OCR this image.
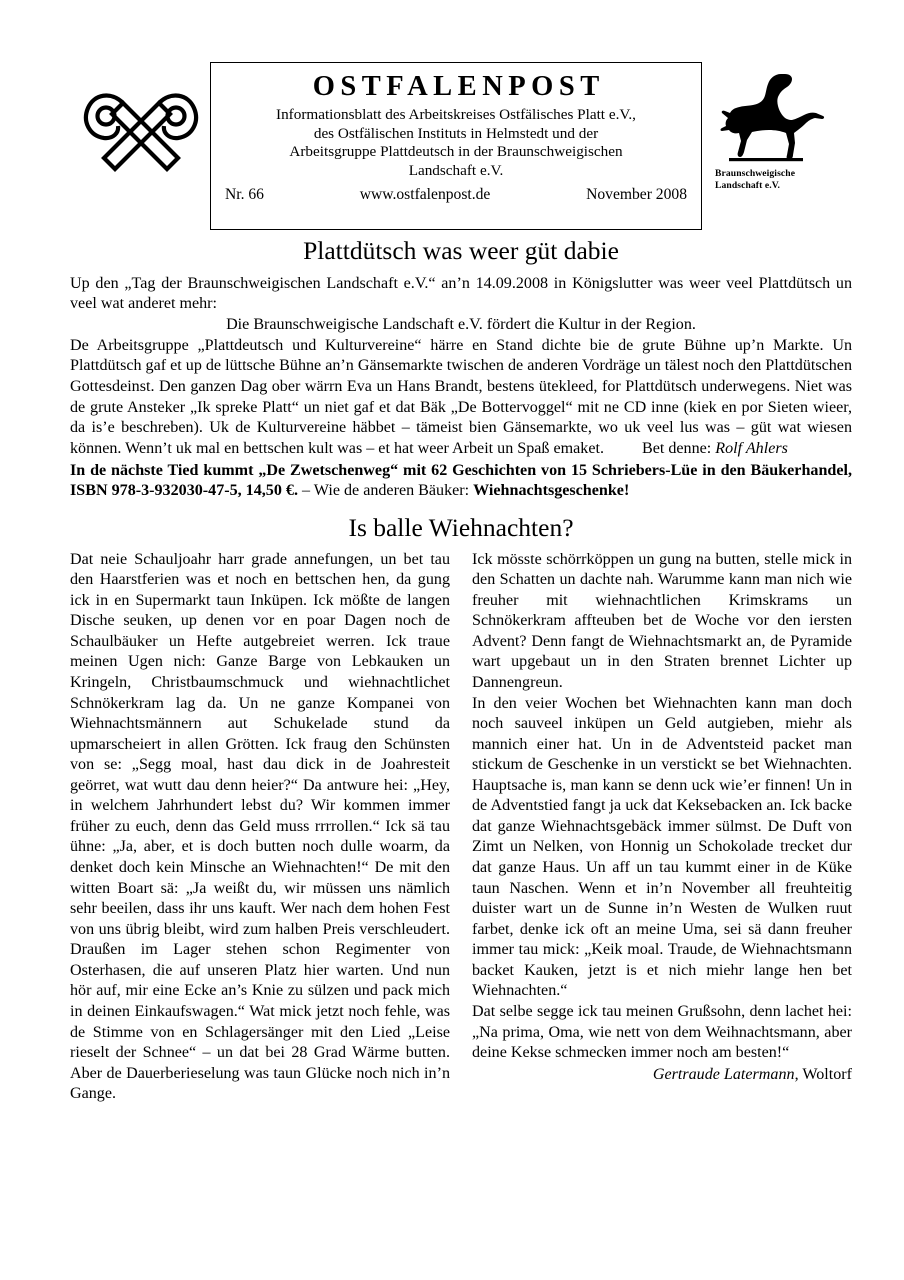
OSTFALENPOST
Informationsblatt des Arbeitskreises Ostfälisches Platt e.V.,
des Ostfälischen Instituts in Helmstedt und der
Arbeitsgruppe Plattdeutsch in der Braunschweigischen
Landschaft e.V.
Nr. 66	www.ostfalenpost.de	November 2008
Braunschweigische
Landschaft e.V.
Plattdütsch was weer güt dabie

Up den „Tag der Braunschweigischen Landschaft e.V.“ an’n 14.09.2008 in Königslutter was weer veel Plattdütsch un veel wat anderet mehr:

Die Braunschweigische Landschaft e.V. fördert die Kultur in der Region.

De Arbeitsgruppe „Plattdeutsch und Kulturvereine“ härre en Stand dichte bie de grute Bühne up’n Markte. Un Plattdütsch gaf et up de lüttsche Bühne an’n Gänsemarkte twischen de anderen Vordräge un tälest noch den Plattdütschen Gottesdeinst. Den ganzen Dag ober wärrn Eva un Hans Brandt, bestens ütekleed, for Plattdütsch underwegens. Niet was de grute Ansteker „Ik spreke Platt“ un niet gaf et dat Bäk „De Bottervoggel“ mit ne CD inne (kiek en por Sieten wieer, da is’e beschreben). Uk de Kulturvereine häbbet – tämeist bien Gänsemarkte, wo uk veel lus was – güt wat wiesen können. Wenn’t uk mal en bettschen kult was – et hat weer Arbeit un Spaß emaket. Bet denne: Rolf Ahlers

In de nächste Tied kummt „De Zwetschenweg“ mit 62 Geschichten von 15 Schriebers-Lüe in den Bäukerhandel, ISBN 978-3-932030-47-5, 14,50 €. – Wie de anderen Bäuker: Wiehnachtsgeschenke!

Is balle Wiehnachten?

Dat neie Schauljoahr harr grade annefungen, un bet tau den Haarstferien was et noch en bettschen hen, da gung ick in en Supermarkt taun Inküpen. Ick mößte de langen Dische seuken, up denen vor en poar Dagen noch de Schaulbäuker un Hefte autgebreiet werren. Ick traue meinen Ugen nich: Ganze Barge von Lebkauken un Kringeln, Christbaumschmuck und wiehnachtlichet Schnökerkram lag da. Un ne ganze Kompanei von Wiehnachtsmännern aut Schukelade stund da upmarscheiert in allen Grötten. Ick fraug den Schünsten von se: „Segg moal, hast dau dick in de Joahresteit geörret, wat wutt dau denn heier?“ Da antwure hei: „Hey, in welchem Jahrhundert lebst du? Wir kommen immer früher zu euch, denn das Geld muss rrrrollen.“ Ick sä tau ühne: „Ja, aber, et is doch butten noch dulle woarm, da denket doch kein Minsche an Wiehnachten!“ De mit den witten Boart sä: „Ja weißt du, wir müssen uns nämlich sehr beeilen, dass ihr uns kauft. Wer nach dem hohen Fest von uns übrig bleibt, wird zum halben Preis verschleudert. Draußen im Lager stehen schon Regimenter von Osterhasen, die auf unseren Platz hier warten. Und nun hör auf, mir eine Ecke an’s Knie zu sülzen und pack mich in deinen Einkaufswagen.“ Wat mick jetzt noch fehle, was de Stimme von en Schlagersänger mit den Lied „Leise rieselt der Schnee“ – un dat bei 28 Grad Wärme butten. Aber de Dauerberieselung was taun Glücke noch nich in’n Gange.

Ick mösste schörrköppen un gung na butten, stelle mick in den Schatten un dachte nah. Warumme kann man nich wie freuher mit wiehnachtlichen Krimskrams un Schnökerkram affteuben bet de Woche vor den iersten Advent? Denn fangt de Wiehnachtsmarkt an, de Pyramide wart upgebaut un in den Straten brennet Lichter up Dannengreun.

In den veier Wochen bet Wiehnachten kann man doch noch sauveel inküpen un Geld autgieben, miehr als mannich einer hat. Un in de Adventsteid packet man stickum de Geschenke in un verstickt se bet Wiehnachten. Hauptsache is, man kann se denn uck wie’er finnen! Un in de Adventstied fangt ja uck dat Keksebacken an. Ick backe dat ganze Wiehnachtsgebäck immer sülmst. De Duft von Zimt un Nelken, von Honnig un Schokolade trecket dur dat ganze Haus. Un aff un tau kummt einer in de Küke taun Naschen. Wenn et in’n November all freuhteitig duister wart un de Sunne in’n Westen de Wulken ruut farbet, denke ick oft an meine Uma, sei sä dann freuher immer tau mick: „Keik moal. Traude, de Wiehnachtsmann backet Kauken, jetzt is et nich miehr lange hen bet Wiehnachten.“

Dat selbe segge ick tau meinen Grußsohn, denn lachet hei: „Na prima, Oma, wie nett von dem Weihnachtsmann, aber deine Kekse schmecken immer noch am besten!“

Gertraude Latermann, Woltorf
